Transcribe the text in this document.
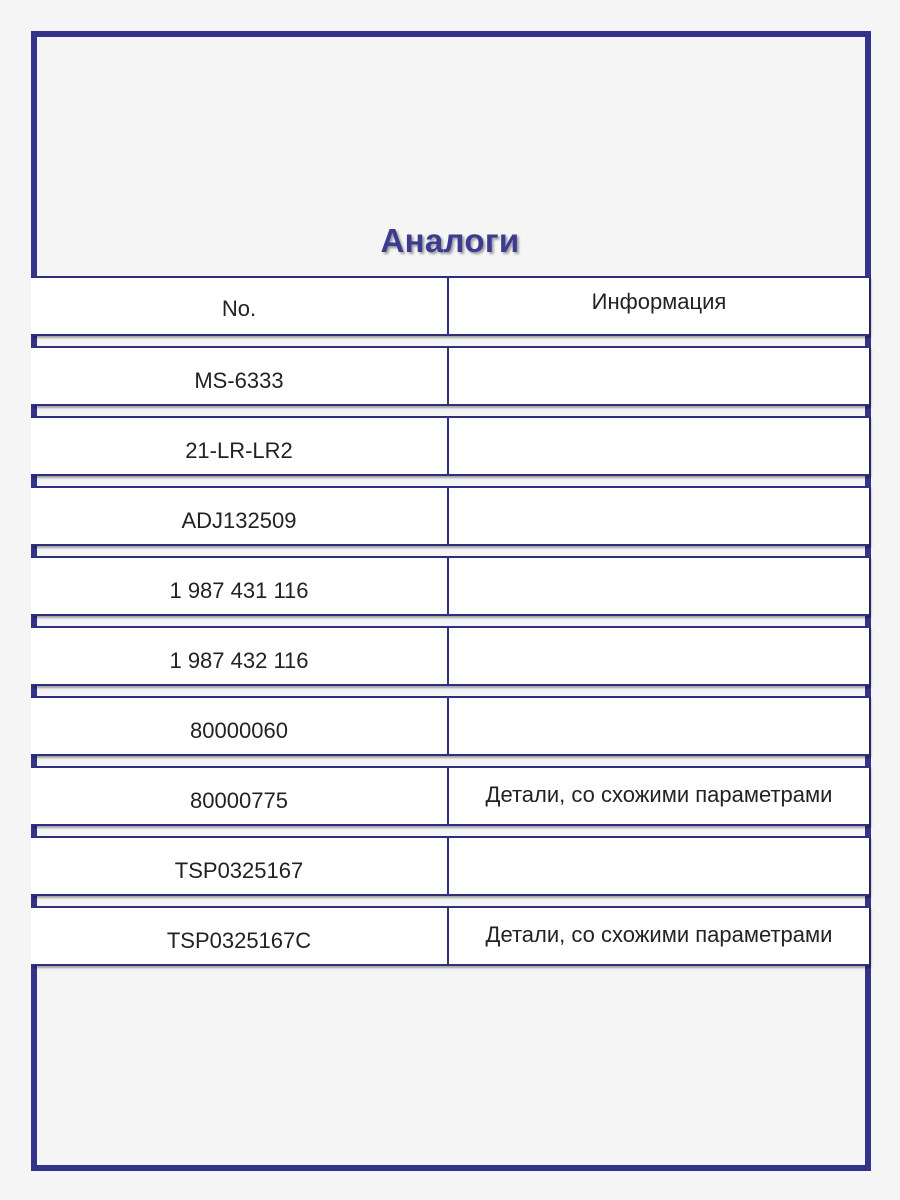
Аналоги
No.	Информация
MS-6333
21-LR-LR2
ADJ132509
1 987 431 116
1 987 432 116
80000060
80000775	Детали, со схожими параметрами
TSP0325167
TSP0325167C	Детали, со схожими параметрами
